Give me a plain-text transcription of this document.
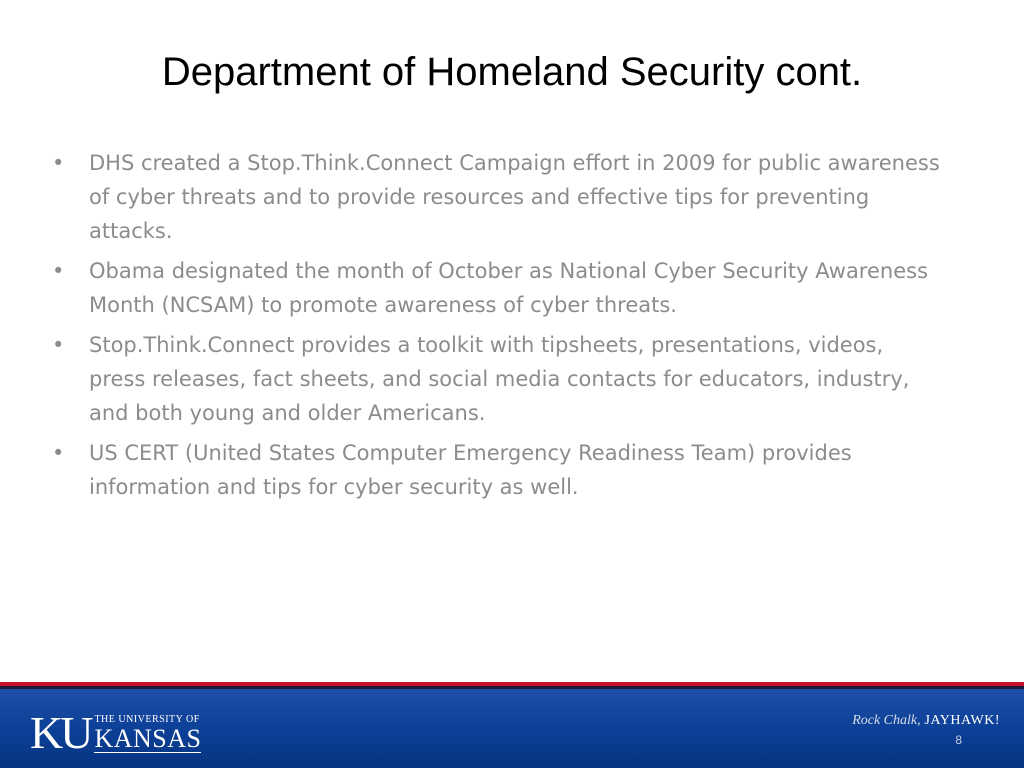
Department of Homeland Security cont.
• DHS created a Stop.Think.Connect Campaign effort in 2009 for public awareness of cyber threats and to provide resources and effective tips for preventing attacks.
• Obama designated the month of October as National Cyber Security Awareness Month (NCSAM) to promote awareness of cyber threats.
• Stop.Think.Connect provides a toolkit with tipsheets, presentations, videos, press releases, fact sheets, and social media contacts for educators, industry, and both young and older Americans.
• US CERT (United States Computer Emergency Readiness Team) provides information and tips for cyber security as well.
KU THE UNIVERSITY OF
KANSAS
Rock Chalk, JAYHAWK!
8
